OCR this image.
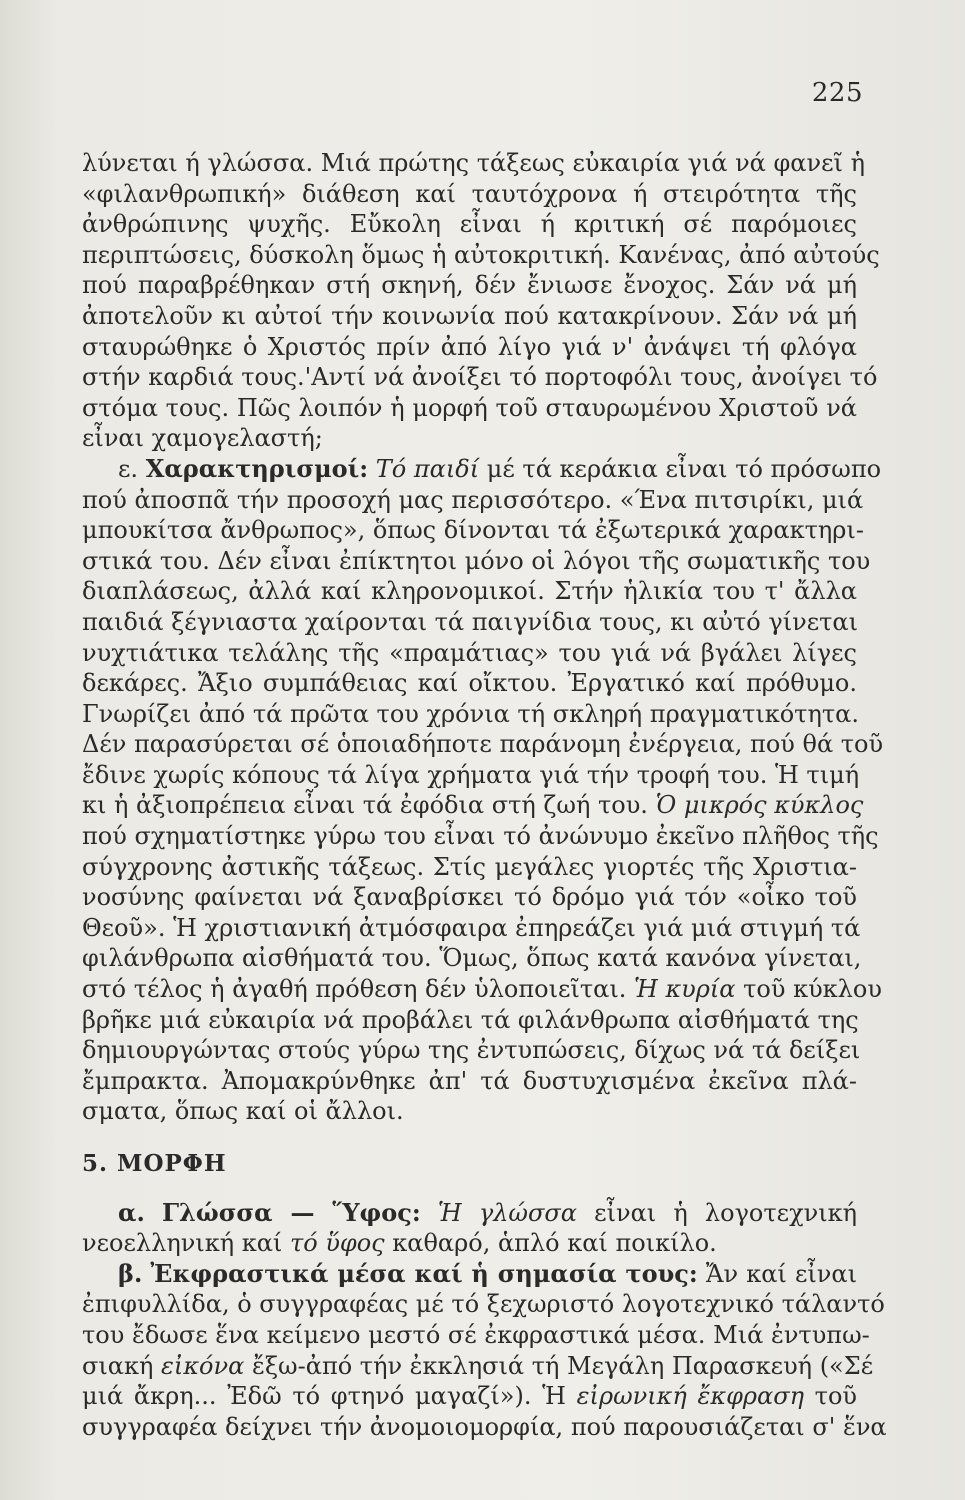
225
λύνεται ή γλώσσα. Μιά πρώτης τάξεως εὐκαιρία γιά νά φανεῖ ἡ
«φιλανθρωπική» διάθεση καί ταυτόχρονα ή στειρότητα τῆς
ἀνθρώπινης ψυχῆς. Εὔκολη εἶναι ή κριτική σέ παρόμοιες
περιπτώσεις, δύσκολη ὅμως ἡ αὐτοκριτική. Κανένας, ἀπό αὐτούς
πού παραβρέθηκαν στή σκηνή, δέν ἔνιωσε ἔνοχος. Σάν νά μή
ἀποτελοῦν κι αὐτοί τήν κοινωνία πού κατακρίνουν. Σάν νά μή
σταυρώθηκε ὁ Χριστός πρίν ἀπό λίγο γιά ν' ἀνάψει τή φλόγα
στήν καρδιά τους.'Αντί νά ἀνοίξει τό πορτοφόλι τους, ἀνοίγει τό
στόμα τους. Πῶς λοιπόν ἡ μορφή τοῦ σταυρωμένου Χριστοῦ νά
εἶναι χαμογελαστή;
ε. Χαρακτηρισμοί: Τό παιδί μέ τά κεράκια εἶναι τό πρόσωπο
πού ἀποσπᾶ τήν προσοχή μας περισσότερο. «Ένα πιτσιρίκι, μιά
μπουκίτσα ἄνθρωπος», ὅπως δίνονται τά ἐξωτερικά χαρακτηρι-
στικά του. Δέν εἶναι ἐπίκτητοι μόνο οἱ λόγοι τῆς σωματικῆς του
διαπλάσεως, ἀλλά καί κληρονομικοί. Στήν ἡλικία του τ' ἄλλα
παιδιά ξέγνιαστα χαίρονται τά παιγνίδια τους, κι αὐτό γίνεται
νυχτιάτικα τελάλης τῆς «πραμάτιας» του γιά νά βγάλει λίγες
δεκάρες. Ἄξιο συμπάθειας καί οἴκτου. Ἐργατικό καί πρόθυμο.
Γνωρίζει ἀπό τά πρῶτα του χρόνια τή σκληρή πραγματικότητα.
Δέν παρασύρεται σέ ὁποιαδήποτε παράνομη ἐνέργεια, πού θά τοῦ
ἔδινε χωρίς κόπους τά λίγα χρήματα γιά τήν τροφή του. Ἡ τιμή
κι ἡ ἀξιοπρέπεια εἶναι τά ἐφόδια στή ζωή του. Ὁ μικρός κύκλος
πού σχηματίστηκε γύρω του εἶναι τό ἀνώνυμο ἐκεῖνο πλῆθος τῆς
σύγχρονης ἀστικῆς τάξεως. Στίς μεγάλες γιορτές τῆς Χριστια-
νοσύνης φαίνεται νά ξαναβρίσκει τό δρόμο γιά τόν «οἶκο τοῦ
Θεοῦ». Ἡ χριστιανική ἀτμόσφαιρα ἐπηρεάζει γιά μιά στιγμή τά
φιλάνθρωπα αἰσθήματά του. Ὅμως, ὅπως κατά κανόνα γίνεται,
στό τέλος ἡ ἀγαθή πρόθεση δέν ὑλοποιεῖται. Ἡ κυρία τοῦ κύκλου
βρῆκε μιά εὐκαιρία νά προβάλει τά φιλάνθρωπα αἰσθήματά της
δημιουργώντας στούς γύρω της ἐντυπώσεις, δίχως νά τά δείξει
ἔμπρακτα. Ἀπομακρύνθηκε ἀπ' τά δυστυχισμένα ἐκεῖνα πλά-
σματα, ὅπως καί οἱ ἄλλοι.
5. ΜΟΡΦΗ
α. Γλώσσα — Ὕφος: Ἡ γλώσσα εἶναι ἡ λογοτεχνική
νεοελληνική καί τό ὕφος καθαρό, ἁπλό καί ποικίλο.
β. Ἐκφραστικά μέσα καί ἡ σημασία τους: Ἄν καί εἶναι
ἐπιφυλλίδα, ὁ συγγραφέας μέ τό ξεχωριστό λογοτεχνικό τάλαντό
του ἔδωσε ἕνα κείμενο μεστό σέ ἐκφραστικά μέσα. Μιά ἐντυπω-
σιακή εἰκόνα ἔξω-ἀπό τήν ἐκκλησιά τή Μεγάλη Παρασκευή («Σέ
μιά ἄκρη... Ἐδῶ τό φτηνό μαγαζί»). Ἡ εἰρωνική ἔκφραση τοῦ
συγγραφέα δείχνει τήν ἀνομοιομορφία, πού παρουσιάζεται σ' ἕνα
